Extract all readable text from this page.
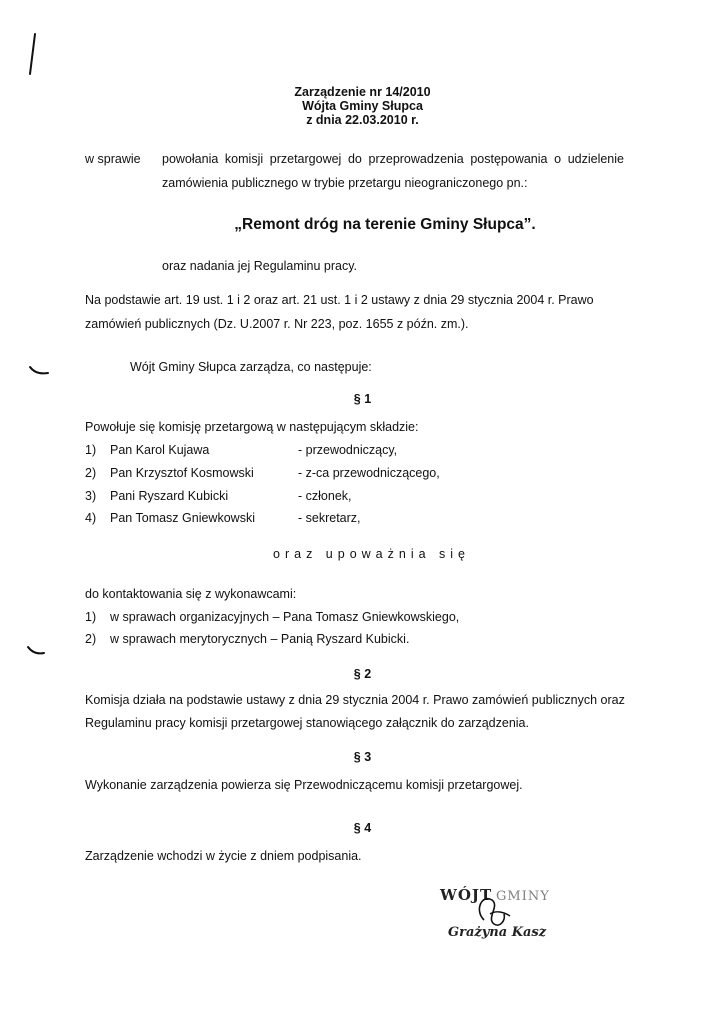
Zarządzenie nr 14/2010
Wójta Gminy Słupca
z dnia 22.03.2010 r.
w sprawie powołania komisji przetargowej do przeprowadzenia postępowania o udzielenie
zamówienia publicznego w trybie przetargu nieograniczonego pn.:
„Remont dróg na terenie Gminy Słupca”.
oraz nadania jej Regulaminu pracy.
Na podstawie art. 19 ust. 1 i 2 oraz art. 21 ust. 1 i 2 ustawy z dnia 29 stycznia 2004 r. Prawo
zamówień publicznych (Dz. U.2007 r. Nr 223, poz. 1655 z późn. zm.).
Wójt Gminy Słupca zarządza, co następuje:
§ 1
Powołuje się komisję przetargową w następującym składzie:
1) Pan Karol Kujawa	- przewodniczący,
2) Pan Krzysztof Kosmowski	- z-ca przewodniczącego,
3) Pani Ryszard Kubicki	- członek,
4) Pan Tomasz Gniewkowski	- sekretarz,
oraz upoważnia się
do kontaktowania się z wykonawcami:
1) w sprawach organizacyjnych – Pana Tomasz Gniewkowskiego,
2) w sprawach merytorycznych – Panią Ryszard Kubicki.
§ 2
Komisja działa na podstawie ustawy z dnia 29 stycznia 2004 r. Prawo zamówień publicznych oraz
Regulaminu pracy komisji przetargowej stanowiącego załącznik do zarządzenia.
§ 3
Wykonanie zarządzenia powierza się Przewodniczącemu komisji przetargowej.
§ 4
Zarządzenie wchodzi w życie z dniem podpisania.
WÓJT GMINY
Grażyna Kasz
